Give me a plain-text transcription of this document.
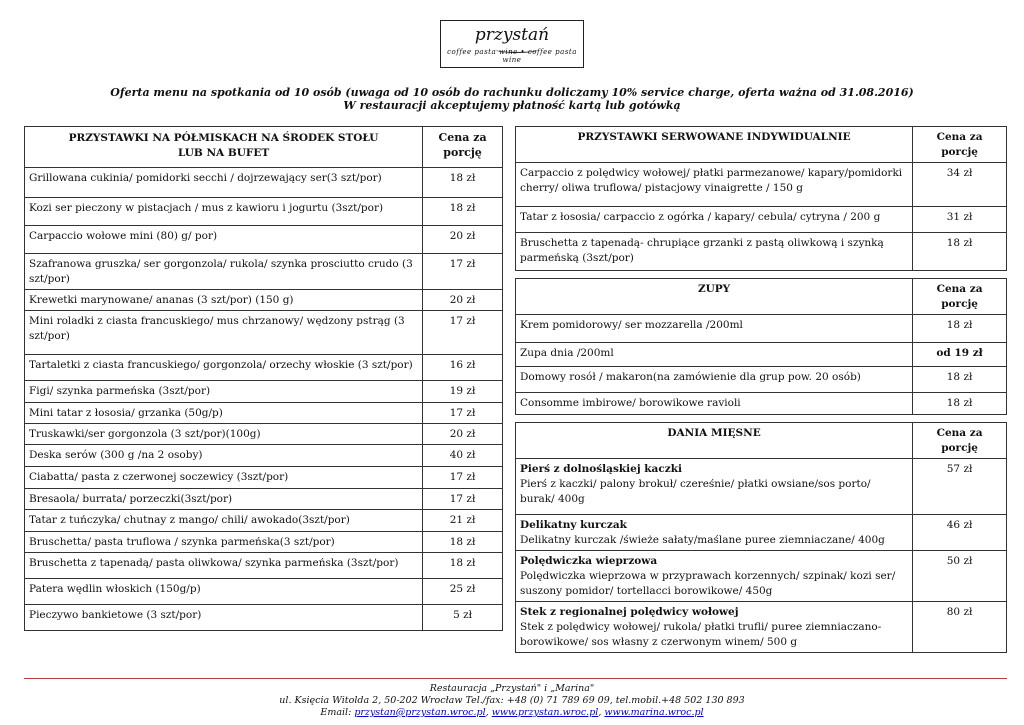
przystań
coffee pasta wine • coffee pasta wine
Oferta menu na spotkania od 10 osób (uwaga od 10 osób do rachunku doliczamy 10% service charge, oferta ważna od 31.08.2016)
W restauracji akceptujemy płatność kartą lub gotówką
PRZYSTAWKI NA PÓŁMISKACH NA ŚRODEK STOŁU LUB NA BUFET	Cena za porcję
Grillowana cukinia/ pomidorki secchi / dojrzewający ser(3 szt/por)	18 zł
Kozi ser pieczony w pistacjach / mus z kawioru i jogurtu (3szt/por)	18 zł
Carpaccio wołowe mini (80) g/ por)	20 zł
Szafranowa gruszka/ ser gorgonzola/ rukola/ szynka prosciutto crudo (3 szt/por)	17 zł
Krewetki marynowane/ ananas (3 szt/por) (150 g)	20 zł
Mini roladki z ciasta francuskiego/ mus chrzanowy/ wędzony pstrąg (3 szt/por)	17 zł
Tartaletki z ciasta francuskiego/ gorgonzola/ orzechy włoskie (3 szt/por)	16 zł
Figi/ szynka parmeńska (3szt/por)	19 zł
Mini tatar z łososia/ grzanka (50g/p)	17 zł
Truskawki/ser gorgonzola (3 szt/por)(100g)	20 zł
Deska serów (300 g /na 2 osoby)	40 zł
Ciabatta/ pasta z czerwonej soczewicy (3szt/por)	17 zł
Bresaola/ burrata/ porzeczki(3szt/por)	17 zł
Tatar z tuńczyka/ chutnay z mango/ chili/ awokado(3szt/por)	21 zł
Bruschetta/ pasta truflowa / szynka parmeńska(3 szt/por)	18 zł
Bruschetta z tapenadą/ pasta oliwkowa/ szynka parmeńska (3szt/por)	18 zł
Patera wędlin włoskich (150g/p)	25 zł
Pieczywo bankietowe (3 szt/por)	5 zł
PRZYSTAWKI SERWOWANE INDYWIDUALNIE	Cena za porcję

Carpaccio z polędwicy wołowej/ płatki parmezanowe/ kapary/pomidorki cherry/ oliwa truflowa/ pistacjowy vinaigrette / 150 g	34 zł

Tatar z łososia/ carpaccio z ogórka / kapary/ cebula/ cytryna / 200 g	31 zł

Bruschetta z tapenadą- chrupiące grzanki z pastą oliwkową i szynką parmeńską (3szt/por)	18 zł

ZUPY	Cena za porcję

Krem pomidorowy/ ser mozzarella /200ml	18 zł

Zupa dnia /200ml	od 19 zł

Domowy rosół / makaron(na zamówienie dla grup pow. 20 osób)	18 zł

Consomme imbirowe/ borowikowe ravioli	18 zł

DANIA MIĘSNE	Cena za porcję

Pierś z dolnośląskiej kaczki
Pierś z kaczki/ palony brokuł/ czereśnie/ płatki owsiane/sos porto/ burak/ 400g	57 zł

Delikatny kurczak
Delikatny kurczak /świeże sałaty/maślane puree ziemniaczane/ 400g	46 zł

Polędwiczka wieprzowa
Polędwiczka wieprzowa w przyprawach korzennych/ szpinak/ kozi ser/ suszony pomidor/ tortellacci borowikowe/ 450g	50 zł

Stek z regionalnej polędwicy wołowej
Stek z polędwicy wołowej/ rukola/ płatki trufli/ puree ziemniaczano-borowikowe/ sos własny z czerwonym winem/ 500 g	80 zł
Restauracja „Przystań" i „Marina"
ul. Księcia Witolda 2, 50-202 Wrocław Tel./fax: +48 (0) 71 789 69 09, tel.mobil.+48 502 130 893
Email: przystan@przystan.wroc.pl, www.przystan.wroc.pl, www.marina.wroc.pl
